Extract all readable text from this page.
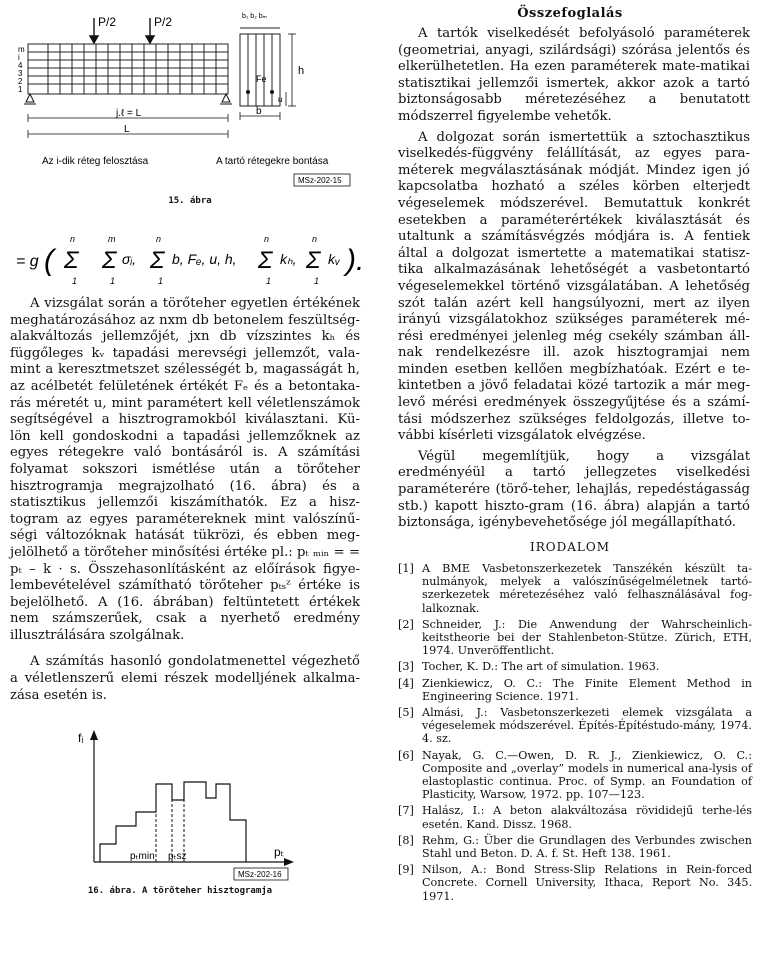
P/2	P/2
m
i
4
3
2
1
j.ℓ = L
L
b₁ b₂ bₘ
Fe
h
u
b
Az i-dik réteg felosztása	A tartó rétegekre bontása
MSz-202-15
15. ábra
= g ( Σ
n
1
Σ
m
1
σᵢ, Σ
n
1
b, Fₑ, u, h, Σ
n
1
kₕ, Σ
n
1
kᵥ ).

A vizsgálat során a törőteher egyetlen értékének meghatározásához az nxm db betonelem feszültség-alakváltozás jellemzőjét, jxn db vízszintes kₕ és függőleges kᵥ tapadási merevségi jellemzőt, vala-mint a keresztmetszet szélességét b, magasságát h, az acélbetét felületének értékét Fₑ és a betontaka-rás méretét u, mint paramétert kell véletlenszámok segítségével a hisztrogramokból kiválasztani. Kü-lön kell gondoskodni a tapadási jellemzőknek az egyes rétegekre való bontásáról is. A számítási folyamat sokszori ismétlése után a törőteher hisztrogramja megrajzolható (16. ábra) és a statisztikus jellemzői kiszámíthatók. Ez a hisz-togram az egyes paramétereknek mint valószínű-ségi változóknak hatását tükrözi, és ebben meg-jelölhető a törőteher minősítési értéke pl.: pₜ ₘᵢₙ = = pₜ – k · s. Összehasonlításként az előírások figye-lembevételével számítható törőteher pₜₛᶻ értéke is bejelölhető. A (16. ábrában) feltüntetett értékek nem számszerűek, csak a nyerhető eredmény illusztrálására szolgálnak.

A számítás hasonló gondolatmenettel végezhető a véletlenszerű elemi részek modelljének alkalma-zása esetén is.

fᵢ
pₜ
pₜmin pₜsz
MSz-202-16
16. ábra. A törőteher hisztogramja
Összefoglalás

A tartók viselkedését befolyásoló paraméterek (geometriai, anyagi, szilárdsági) szórása jelentős és elkerülhetetlen. Ha ezen paraméterek mate-matikai statisztikai jellemzői ismertek, akkor azok a tartó biztonságosabb méretezéséhez a benutatott módszerrel figyelembe vehetők.

A dolgozat során ismertettük a sztochasztikus viselkedés-függvény felállítását, az egyes para-méterek megválasztásának módját. Mindez igen jó kapcsolatba hozható a széles körben elterjedt végeselemek módszerével. Bemutattuk konkrét esetekben a paraméterértékek kiválasztását és utaltunk a számításvégzés módjára is. A fentiek által a dolgozat ismertette a matematikai statisz-tika alkalmazásának lehetőségét a vasbetontartó végeselemekkel történő vizsgálatában. A lehetőség szót talán azért kell hangsúlyozni, mert az ilyen irányú vizsgálatokhoz szükséges paraméterek mé-rési eredményei jelenleg még csekély számban áll-nak rendelkezésre ill. azok hisztogramjai nem minden esetben kellően megbízhatóak. Ezért e te-kintetben a jövő feladatai közé tartozik a már meg-levő mérési eredmények összegyűjtése és a számí-tási módszerhez szükséges feldolgozás, illetve to-vábbi kísérleti vizsgálatok elvégzése.

Végül megemlítjük, hogy a vizsgálat eredményéül a tartó jellegzetes viselkedési paraméterére (törő-teher, lehajlás, repedéstágasság stb.) kapott hiszto-gram (16. ábra) alapján a tartó biztonsága, igénybevehetősége jól megállapítható.

IRODALOM
[1] A BME Vasbetonszerkezetek Tanszékén készült ta-nulmányok, melyek a valószínűségelméletnek tartó-szerkezetek méretezéséhez való felhasználásával fog-lalkoznak.
[2] Schneider, J.: Die Anwendung der Wahrscheinlich-keitstheorie bei der Stahlenbeton-Stütze. Zürich, ETH, 1974. Unveröffentlicht.
[3] Tocher, K. D.: The art of simulation. 1963.
[4] Zienkiewicz, O. C.: The Finite Element Method in Engineering Science. 1971.
[5] Almási, J.: Vasbetonszerkezeti elemek vizsgálata a végeselemek módszerével. Építés-Építéstudo-mány, 1974. 4. sz.
[6] Nayak, G. C.—Owen, D. R. J., Zienkiewicz, O. C.: Composite and „overlay” models in numerical ana-lysis of elastoplastic continua. Proc. of Symp. an Foundation of Plasticity, Warsow, 1972. pp. 107—123.
[7] Halász, I.: A beton alakváltozása rövididejű terhe-lés esetén. Kand. Dissz. 1968.
[8] Rehm, G.: Über die Grundlagen des Verbundes zwischen Stahl und Beton. D. A. f. St. Heft 138. 1961.
[9] Nilson, A.: Bond Stress-Slip Relations in Rein-forced Concrete. Cornell University, Ithaca, Report No. 345. 1971.
